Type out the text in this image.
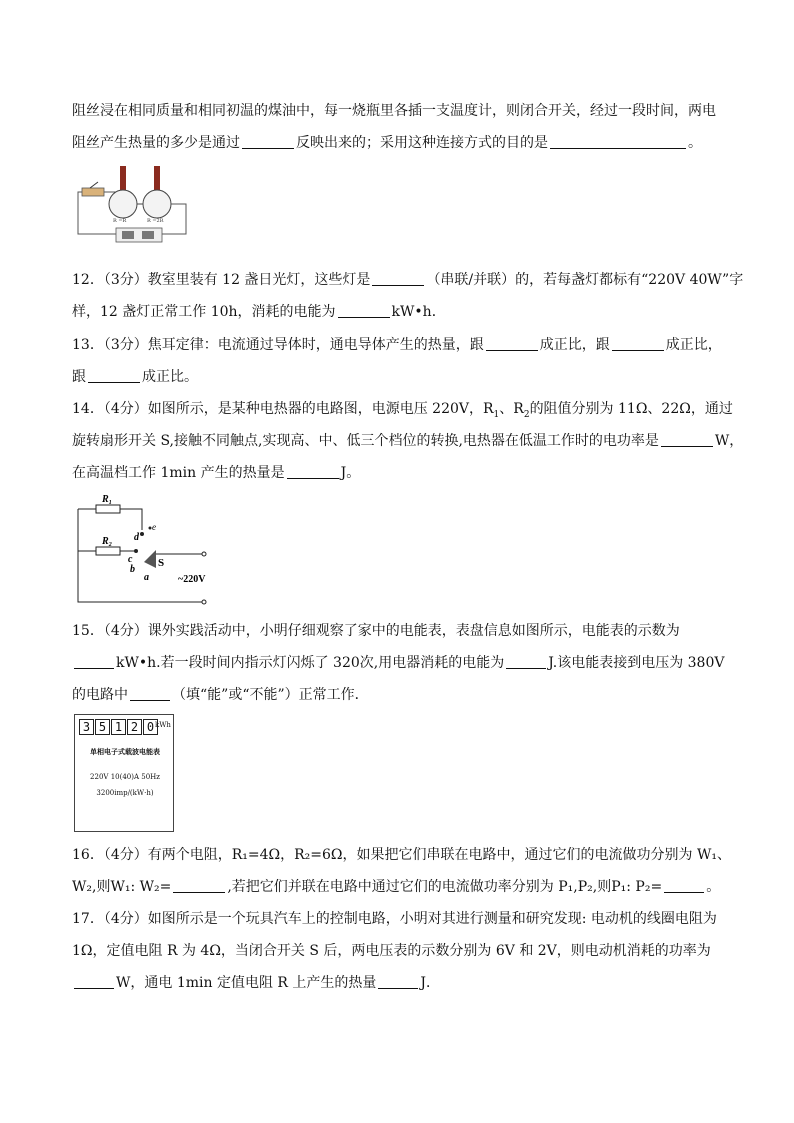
阻丝浸在相同质量和相同初温的煤油中，每一烧瓶里各插一支温度计，则闭合开关，经过一段时间，两电
阻丝产生热量的多少是通过	反映出来的；采用这种连接方式的目的是	。
R =R	R =2R
12．（3分）教室里装有 12 盏日光灯，这些灯是	（串联/并联）的，若每盏灯都标有“220V 40W”字
样，12 盏灯正常工作 10h，消耗的电能为	kW•h．
13．（3分）焦耳定律：电流通过导体时，通电导体产生的热量，跟	成正比，跟	成正比，
跟	成正比。
14．（4分）如图所示，是某种电热器的电路图，电源电压 220V，$R_1$、$R_2$的阻值分别为 11Ω、22Ω，通过
旋转扇形开关 S,接触不同触点,实现高、中、低三个档位的转换,电热器在低温工作时的电功率是	W，
在高温档工作 1min 产生的热量是	J。
R₁
d
e
R₂
c S
b
a	~220V
15．（4分）课外实践活动中，小明仔细观察了家中的电能表，表盘信息如图所示，电能表的示数为
kW•h.若一段时间内指示灯闪烁了 320次,用电器消耗的电能为	J.该电能表接到电压为 380V
的电路中	（填“能”或“不能”）正常工作．
3 5 1 2 0 kWh
单相电子式载波电能表
220V 10(40)A 50Hz
3200imp/(kW·h)
16．（4分）有两个电阻，R₁=4Ω，R₂=6Ω，如果把它们串联在电路中，通过它们的电流做功分别为 W₁、
W₂,则W₁: W₂=	,若把它们并联在电路中通过它们的电流做功率分别为 P₁,P₂,则P₁: P₂=	。
17．（4分）如图所示是一个玩具汽车上的控制电路，小明对其进行测量和研究发现: 电动机的线圈电阻为
1Ω，定值电阻 R 为 4Ω，当闭合开关 S 后，两电压表的示数分别为 6V 和 2V，则电动机消耗的功率为
W，通电 1min 定值电阻 R 上产生的热量	J．
